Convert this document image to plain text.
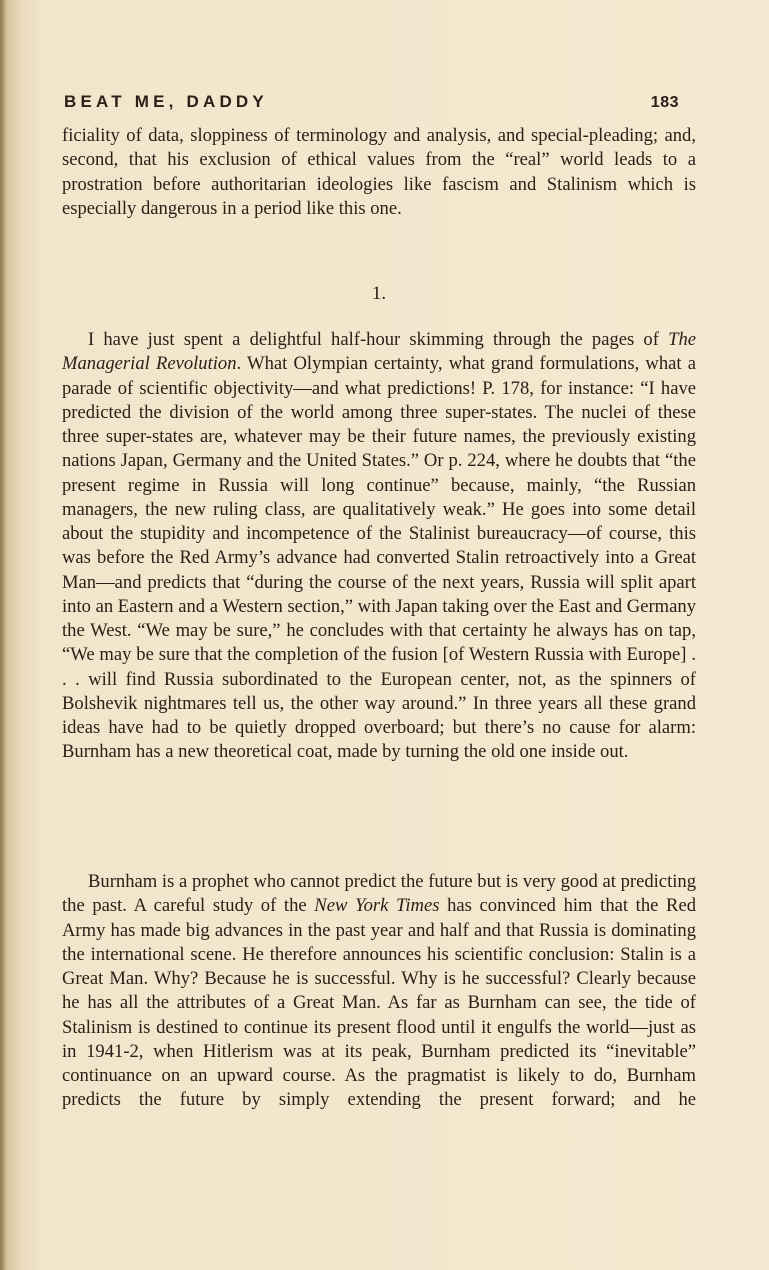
BEAT ME, DADDY	183

ficiality of data, sloppiness of terminology and analysis, and special-pleading; and, second, that his exclusion of ethical values from the “real” world leads to a prostration before authoritarian ideologies like fascism and Stalinism which is especially dangerous in a period like this one.

1.

I have just spent a delightful half-hour skimming through the pages of The Managerial Revolution. What Olympian certainty, what grand formulations, what a parade of scientific objectivity—and what predictions! P. 178, for instance: “I have predicted the division of the world among three super-states. The nuclei of these three super-states are, whatever may be their future names, the previously existing nations Japan, Germany and the United States.” Or p. 224, where he doubts that “the present regime in Russia will long continue” because, mainly, “the Russian managers, the new ruling class, are qualitatively weak.” He goes into some detail about the stupidity and incompetence of the Stalinist bureaucracy—of course, this was before the Red Army’s advance had converted Stalin retroactively into a Great Man—and predicts that “during the course of the next years, Russia will split apart into an Eastern and a Western section,” with Japan taking over the East and Germany the West. “We may be sure,” he concludes with that certainty he always has on tap, “We may be sure that the completion of the fusion [of Western Russia with Europe] . . . will find Russia subordinated to the European center, not, as the spinners of Bolshevik nightmares tell us, the other way around.” In three years all these grand ideas have had to be quietly dropped overboard; but there’s no cause for alarm: Burnham has a new theoretical coat, made by turning the old one inside out.

Burnham is a prophet who cannot predict the future but is very good at predicting the past. A careful study of the New York Times has convinced him that the Red Army has made big advances in the past year and half and that Russia is dominating the international scene. He therefore announces his scientific conclusion: Stalin is a Great Man. Why? Because he is successful. Why is he successful? Clearly because he has all the attributes of a Great Man. As far as Burnham can see, the tide of Stalinism is destined to continue its present flood until it engulfs the world—just as in 1941-2, when Hitlerism was at its peak, Burnham predicted its “inevitable” continuance on an upward course. As the pragmatist is likely to do, Burnham predicts the future by simply extending the present forward; and he
